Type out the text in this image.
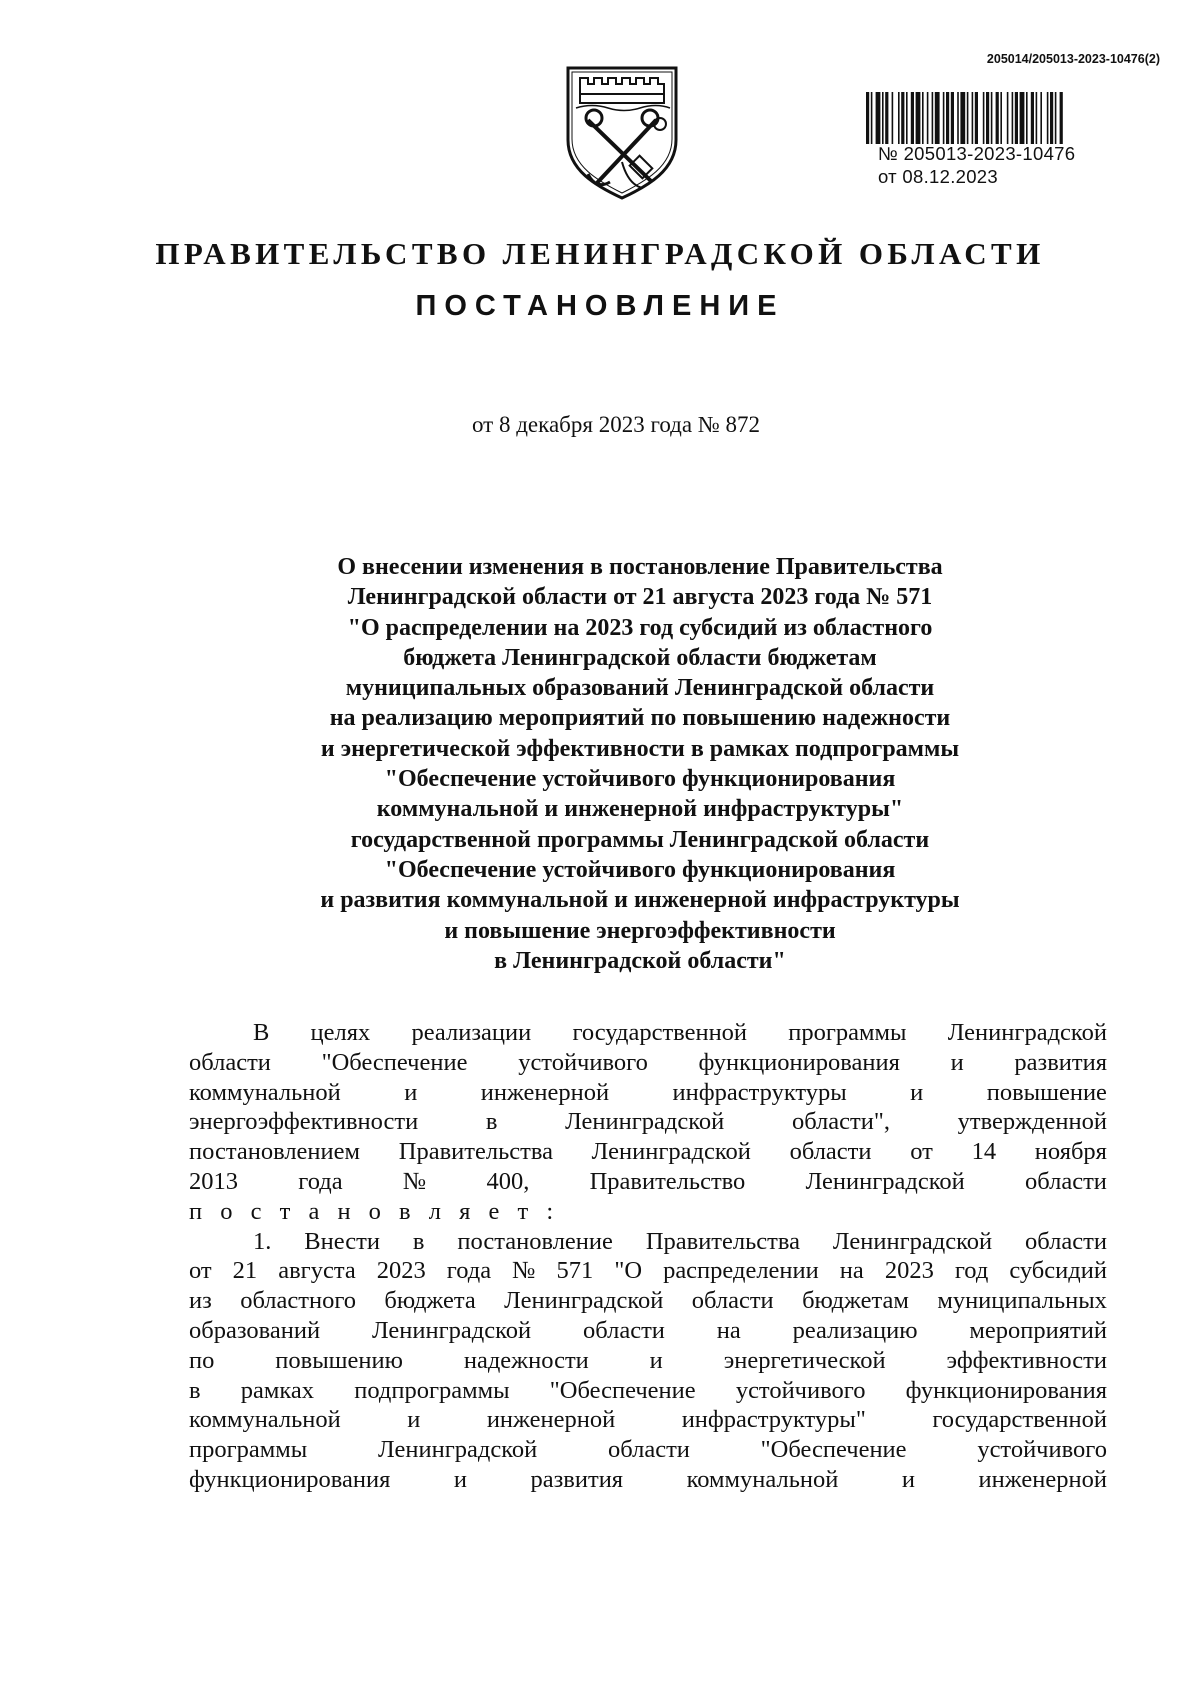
205014/205013-2023-10476(2)
№ 205013-2023-10476
от 08.12.2023
ПРАВИТЕЛЬСТВО ЛЕНИНГРАДСКОЙ ОБЛАСТИ
ПОСТАНОВЛЕНИЕ
от 8 декабря 2023 года № 872
О внесении изменения в постановление Правительства
Ленинградской области от 21 августа 2023 года № 571
"О распределении на 2023 год субсидий из областного
бюджета Ленинградской области бюджетам
муниципальных образований Ленинградской области
на реализацию мероприятий по повышению надежности
и энергетической эффективности в рамках подпрограммы
"Обеспечение устойчивого функционирования
коммунальной и инженерной инфраструктуры"
государственной программы Ленинградской области
"Обеспечение устойчивого функционирования
и развития коммунальной и инженерной инфраструктуры
и повышение энергоэффективности
в Ленинградской области"
В целях реализации государственной программы Ленинградской
области "Обеспечение устойчивого функционирования и развития
коммунальной	и	инженерной	инфраструктуры	и	повышение
энергоэффективности	в	Ленинградской	области",	утвержденной
постановлением Правительства Ленинградской области от 14 ноября
2013 года № 400, Правительство Ленинградской области
п о с т а н о в л я е т :
1. Внести в постановление Правительства Ленинградской области
от 21 августа 2023 года № 571 "О распределении на 2023 год субсидий
из областного бюджета Ленинградской области бюджетам муниципальных
образований Ленинградской области на реализацию мероприятий
по повышению надежности и энергетической эффективности
в рамках подпрограммы "Обеспечение устойчивого функционирования
коммунальной	и	инженерной	инфраструктуры"	государственной
программы	Ленинградской	области	"Обеспечение	устойчивого
функционирования	и	развития	коммунальной	и	инженерной
